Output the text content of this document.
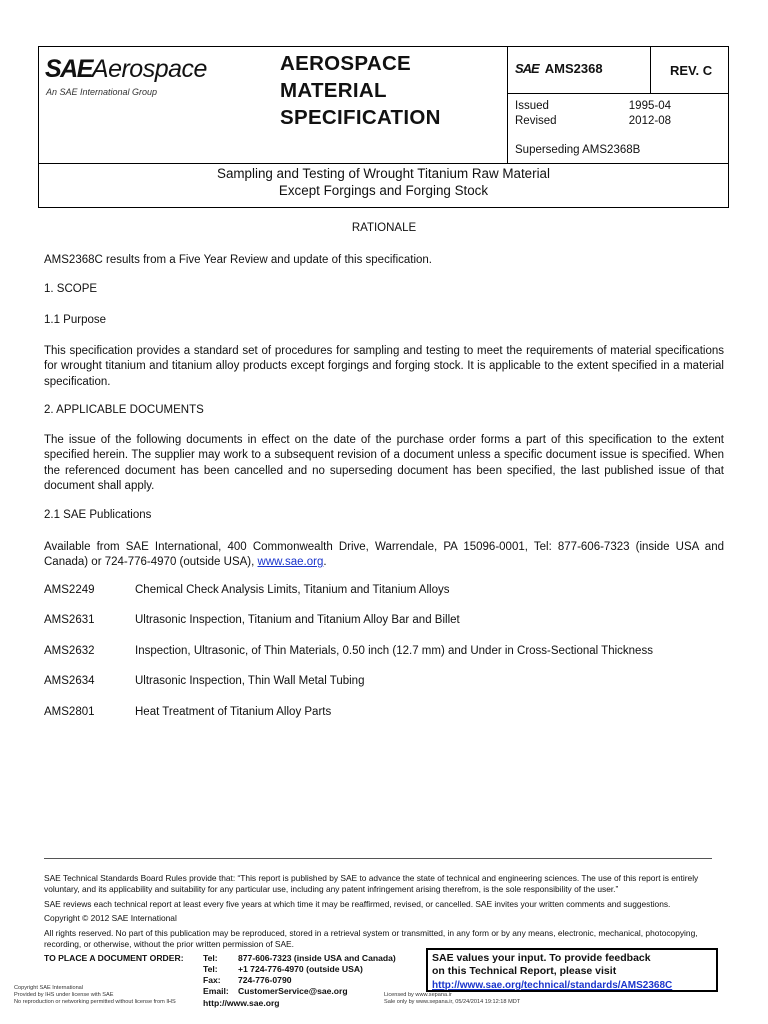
SAEAerospace
An SAE International Group
AEROSPACE
MATERIAL
SPECIFICATION
SAE AMS2368	REV. C
Issued	1995-04
Revised	2012-08
Superseding AMS2368B
Sampling and Testing of Wrought Titanium Raw Material
Except Forgings and Forging Stock
RATIONALE
AMS2368C results from a Five Year Review and update of this specification.
1. SCOPE
1.1 Purpose
This specification provides a standard set of procedures for sampling and testing to meet the requirements of material specifications for wrought titanium and titanium alloy products except forgings and forging stock. It is applicable to the extent specified in a material specification.
2. APPLICABLE DOCUMENTS
The issue of the following documents in effect on the date of the purchase order forms a part of this specification to the extent specified herein. The supplier may work to a subsequent revision of a document unless a specific document issue is specified. When the referenced document has been cancelled and no superseding document has been specified, the last published issue of that document shall apply.
2.1 SAE Publications
Available from SAE International, 400 Commonwealth Drive, Warrendale, PA 15096-0001, Tel: 877-606-7323 (inside USA and Canada) or 724-776-4970 (outside USA), www.sae.org.
AMS2249	Chemical Check Analysis Limits, Titanium and Titanium Alloys
AMS2631	Ultrasonic Inspection, Titanium and Titanium Alloy Bar and Billet
AMS2632	Inspection, Ultrasonic, of Thin Materials, 0.50 inch (12.7 mm) and Under in Cross-Sectional Thickness
AMS2634	Ultrasonic Inspection, Thin Wall Metal Tubing
AMS2801	Heat Treatment of Titanium Alloy Parts
SAE Technical Standards Board Rules provide that: “This report is published by SAE to advance the state of technical and engineering sciences. The use of this report is entirely voluntary, and its applicability and suitability for any particular use, including any patent infringement arising therefrom, is the sole responsibility of the user.”
SAE reviews each technical report at least every five years at which time it may be reaffirmed, revised, or cancelled. SAE invites your written comments and suggestions.
Copyright © 2012 SAE International
All rights reserved. No part of this publication may be reproduced, stored in a retrieval system or transmitted, in any form or by any means, electronic, mechanical, photocopying, recording, or otherwise, without the prior written permission of SAE.
TO PLACE A DOCUMENT ORDER: Tel: 877-606-7323 (inside USA and Canada)
Tel: +1 724-776-4970 (outside USA)
Fax: 724-776-0790
Email: CustomerService@sae.org
http://www.sae.org
SAE values your input. To provide feedback
on this Technical Report, please visit
http://www.sae.org/technical/standards/AMS2368C
Copyright SAE International
Provided by IHS under license with SAE
No reproduction or networking permitted without license from IHS
Licensed by www.sepana.ir
Sale only by www.sepana.ir, 05/24/2014 19:12:18 MDT
